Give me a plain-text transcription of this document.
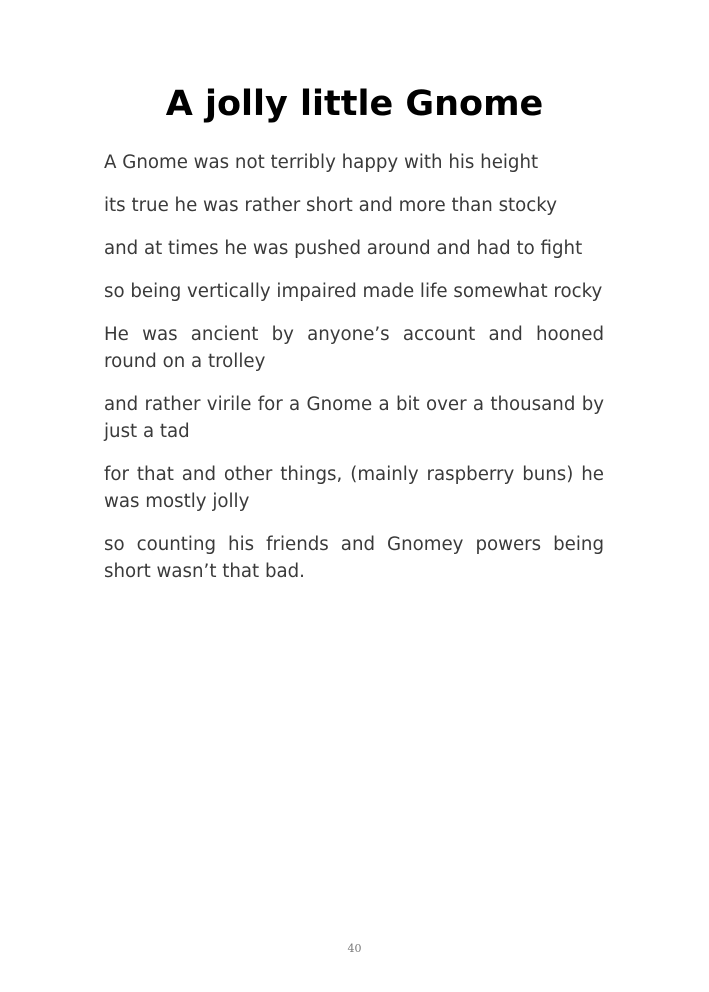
A jolly little Gnome

A Gnome was not terribly happy with his height

its true he was rather short and more than stocky

and at times he was pushed around and had to fight

so being vertically impaired made life somewhat rocky

He was ancient by anyone’s account and hooned round on a trolley

and rather virile for a Gnome a bit over a thousand by just a tad

for that and other things, (mainly raspberry buns) he was mostly jolly

so counting his friends and Gnomey powers being short wasn’t that bad.

40
